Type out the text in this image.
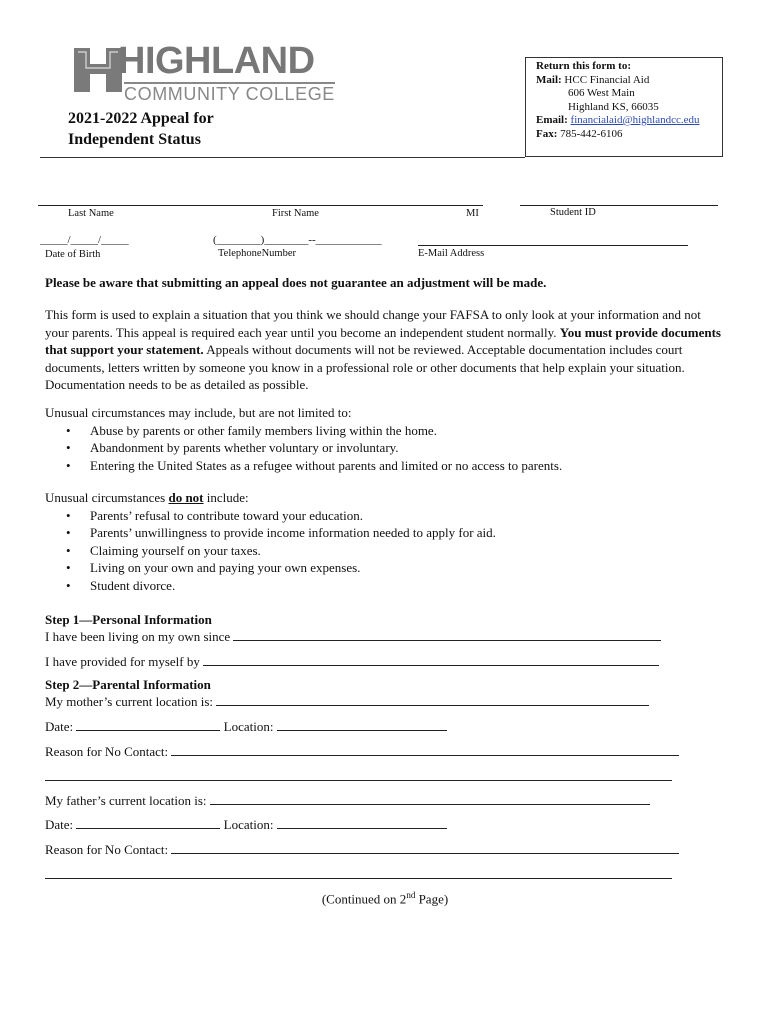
HIGHLAND
COMMUNITY COLLEGE
2021-2022 Appeal for
Independent Status
Return this form to:
Mail: HCC Financial Aid
606 West Main
Highland KS, 66035
Email: financialaid@highlandcc.edu
Fax: 785-442-6106
Last Name	First Name	MI	Student ID
_____/_____/_____	(________)________--____________
Date of Birth	TelephoneNumber	E-Mail Address
Please be aware that submitting an appeal does not guarantee an adjustment will be made.
This form is used to explain a situation that you think we should change your FAFSA to only look at your information and not your parents. This appeal is required each year until you become an independent student normally. You must provide documents that support your statement. Appeals without documents will not be reviewed. Acceptable documentation includes court documents, letters written by someone you know in a professional role or other documents that help explain your situation. Documentation needs to be as detailed as possible.
Unusual circumstances may include, but are not limited to:
• Abuse by parents or other family members living within the home.
• Abandonment by parents whether voluntary or involuntary.
• Entering the United States as a refugee without parents and limited or no access to parents.
Unusual circumstances do not include:
• Parents’ refusal to contribute toward your education.
• Parents’ unwillingness to provide income information needed to apply for aid.
• Claiming yourself on your taxes.
• Living on your own and paying your own expenses.
• Student divorce.
Step 1—Personal Information
I have been living on my own since
I have provided for myself by
Step 2—Parental Information
My mother’s current location is:
Date:	Location:
Reason for No Contact:
My father’s current location is:
Date:	Location:
Reason for No Contact:
(Continued on 2nd Page)
